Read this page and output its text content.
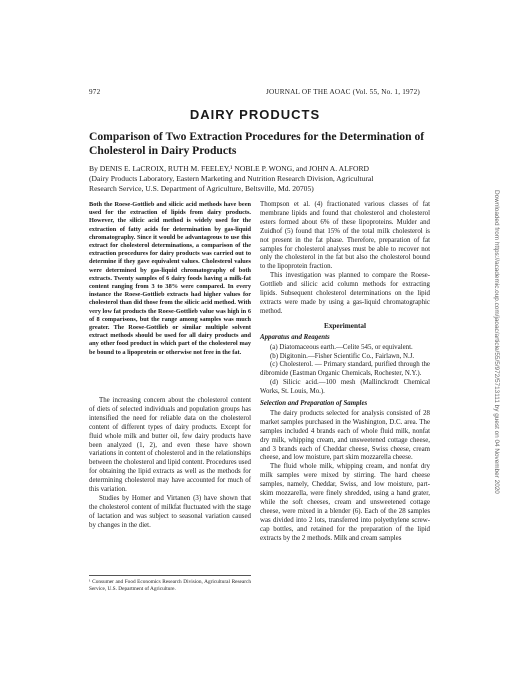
972	JOURNAL OF THE AOAC (Vol. 55, No. 1, 1972)
DAIRY PRODUCTS
Comparison of Two Extraction Procedures for the Determination of Cholesterol in Dairy Products
By DENIS E. LaCROIX, RUTH M. FEELEY,¹ NOBLE P. WONG, and JOHN A. ALFORD
(Dairy Products Laboratory, Eastern Marketing and Nutrition Research Division, Agricultural
Research Service, U.S. Department of Agriculture, Beltsville, Md. 20705)
Both the Roese-Gottlieb and silicic acid methods have been used for the extraction of lipids from dairy products. However, the silicic acid method is widely used for the extraction of fatty acids for determination by gas-liquid chromatography. Since it would be advantageous to use this extract for cholesterol determinations, a comparison of the extraction procedures for dairy products was carried out to determine if they gave equivalent values. Cholesterol values were determined by gas-liquid chromatography of both extracts. Twenty samples of 6 dairy foods having a milk-fat content ranging from 3 to 38% were compared. In every instance the Roese-Gottlieb extracts had higher values for cholesterol than did those from the silicic acid method. With very low fat products the Roese-Gottlieb value was high in 6 of 8 comparisons, but the range among samples was much greater. The Roese-Gottlieb or similar multiple solvent extract methods should be used for all dairy products and any other food product in which part of the cholesterol may be bound to a lipoprotein or otherwise not free in the fat.

The increasing concern about the cholesterol content of diets of selected individuals and population groups has intensified the need for reliable data on the cholesterol content of different types of dairy products. Except for fluid whole milk and butter oil, few dairy products have been analyzed (1, 2), and even these have shown variations in content of cholesterol and in the relationships between the cholesterol and lipid content. Procedures used for obtaining the lipid extracts as well as the methods for determining cholesterol may have accounted for much of this variation.

Studies by Homer and Virtanen (3) have shown that the cholesterol content of milkfat fluctuated with the stage of lactation and was subject to seasonal variation caused by changes in the diet.

¹ Consumer and Food Economics Research Division, Agricultural Research Service, U.S. Department of Agriculture.

Thompson et al. (4) fractionated various classes of fat membrane lipids and found that cholesterol and cholesterol esters formed about 6% of these lipoproteins. Mulder and Zuidhof (5) found that 15% of the total milk cholesterol is not present in the fat phase. Therefore, preparation of fat samples for cholesterol analyses must be able to recover not only the cholesterol in the fat but also the cholesterol bound to the lipoprotein fraction.

This investigation was planned to compare the Roese-Gottlieb and silicic acid column methods for extracting lipids. Subsequent cholesterol determinations on the lipid extracts were made by using a gas-liquid chromatographic method.

Experimental
Apparatus and Reagents

(a) Diatomaceous earth.—Celite 545, or equivalent.

(b) Digitonin.—Fisher Scientific Co., Fairlawn, N.J.

(c) Cholesterol. — Primary standard, purified through the dibromide (Eastman Organic Chemicals, Rochester, N.Y.).

(d) Silicic acid.—100 mesh (Mallinckrodt Chemical Works, St. Louis, Mo.).

Selection and Preparation of Samples

The dairy products selected for analysis consisted of 28 market samples purchased in the Washington, D.C. area. The samples included 4 brands each of whole fluid milk, nonfat dry milk, whipping cream, and unsweetened cottage cheese, and 3 brands each of Cheddar cheese, Swiss cheese, cream cheese, and low moisture, part skim mozzarella cheese.

The fluid whole milk, whipping cream, and nonfat dry milk samples were mixed by stirring. The hard cheese samples, namely, Cheddar, Swiss, and low moisture, part-skim mozzarella, were finely shredded, using a hand grater, while the soft cheeses, cream and unsweetened cottage cheese, were mixed in a blender (6). Each of the 28 samples was divided into 2 lots, transferred into polyethylene screw-cap bottles, and retained for the preparation of the lipid extracts by the 2 methods. Milk and cream samples

Downloaded from https://academic.oup.com/jaoac/article/55/5/972/5713111 by guest on 04 November 2020
